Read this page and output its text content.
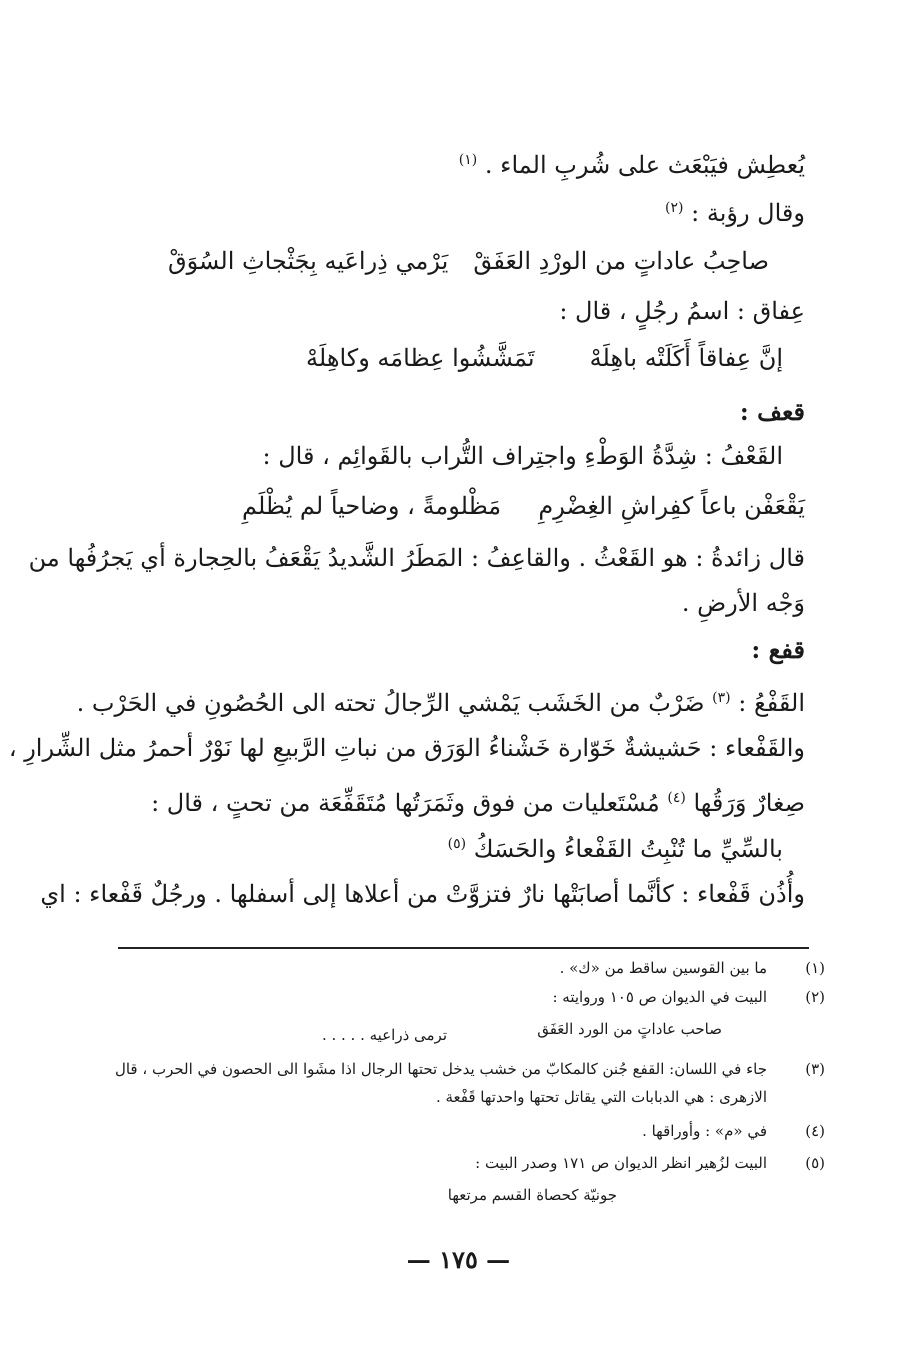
يُعطِش فيَبْعَث على شُربِ الماء . $^{(١)}$
وقال رؤبة : $^{(٢)}$
صاحِبُ عاداتٍ من الورْدِ العَفَقْ
يَرْمي ذِراعَيه بِجَثْجاثِ السُوَقْ
عِفاق : اسمُ رجُلٍ ، قال :
إنَّ عِفاقاً أَكَلَتْه باهِلَهْ
تَمَشَّشُوا عِظامَه وكاهِلَهْ
قعف :
القَعْفُ : شِدَّةُ الوَطْءِ واجتِراف التُّراب بالقَوائِم ، قال :
يَقْعَفْن باعاً كفِراشِ الغِضْرِمِ
مَظْلومةً ، وضاحياً لم يُظْلَمِ
قال زائدةُ : هو القَعْثُ . والقاعِفُ : المَطَرُ الشَّديدُ يَقْعَفُ بالحِجارة أي يَجرُفُها من
وَجْه الأرضِ .
قفع :
القَفْعُ : $^{(٣)}$ ضَرْبٌ من الخَشَب يَمْشي الرِّجالُ تحته الى الحُصُونِ في الحَرْب .
والقَفْعاء : حَشيشةٌ خَوّارة خَشْناءُ الوَرَق من نباتِ الرَّبيعِ لها نَوْرٌ أحمرُ مثل الشِّرارِ ،
صِغارٌ وَرَقُها $^{(٤)}$ مُسْتَعليات من فوق وثَمَرَتُها مُتَقَفِّعَة من تحتٍ ، قال :
بالسِّيِّ ما تُنْبِتُ القَفْعاءُ والحَسَكُ $^{(٥)}$
وأُذُن قَفْعاء : كأنَّما أصابَتْها نارٌ فتزوَّتْ من أعلاها إلى أسفلها . ورجُلٌ قَفْعاء : اي
(١)
ما بين القوسين ساقط من «ك» .
(٢)
البيت في الديوان ص ١٠٥ وروايته :
صاحب عاداتٍ من الورد العَفَق
ترمى ذراعيه . . . . .
(٣)
جاء في اللسان: القفع جُنن كالمكابّ من خشب يدخل تحتها الرجال اذا مشَوا الى الحصون في الحرب ، قال
الازهرى : هي الدبابات التي يقاتل تحتها واحدتها قَفْعة .
(٤)
في «م» : وأوراقها .
(٥)
البيت لزُهير انظر الديوان ص ١٧١ وصدر البيت :
جونيّة كحصاة القسم مرتعها
— ١٧٥ —
